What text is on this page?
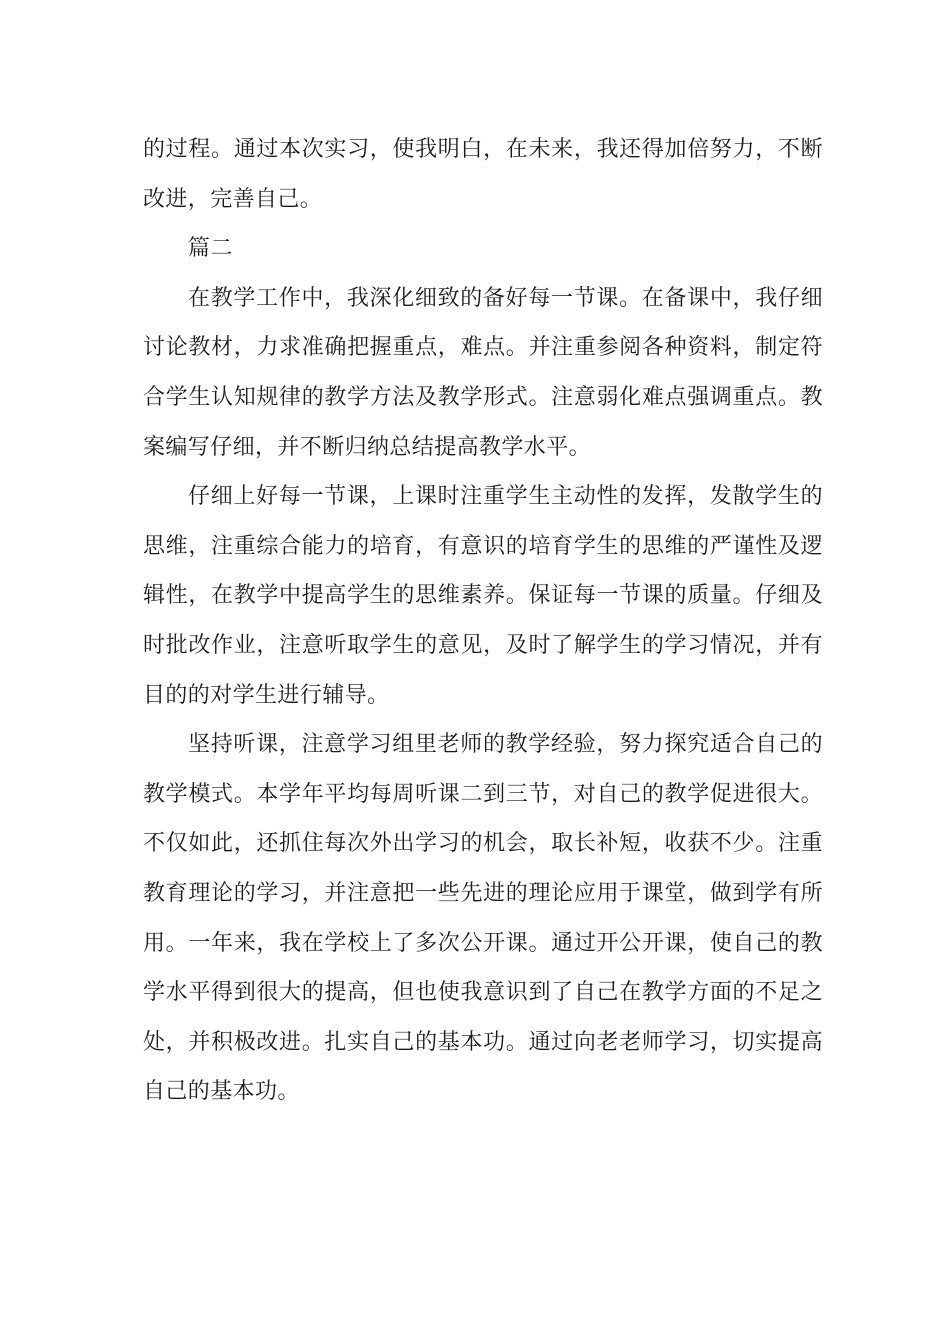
的过程。通过本次实习，使我明白，在未来，我还得加倍努力，不断改进，完善自己。

篇二

在教学工作中，我深化细致的备好每一节课。在备课中，我仔细讨论教材，力求准确把握重点，难点。并注重参阅各种资料，制定符合学生认知规律的教学方法及教学形式。注意弱化难点强调重点。教案编写仔细，并不断归纳总结提高教学水平。

仔细上好每一节课，上课时注重学生主动性的发挥，发散学生的思维，注重综合能力的培育，有意识的培育学生的思维的严谨性及逻辑性，在教学中提高学生的思维素养。保证每一节课的质量。仔细及时批改作业，注意听取学生的意见，及时了解学生的学习情况，并有目的的对学生进行辅导。

坚持听课，注意学习组里老师的教学经验，努力探究适合自己的教学模式。本学年平均每周听课二到三节，对自己的教学促进很大。不仅如此，还抓住每次外出学习的机会，取长补短，收获不少。注重教育理论的学习，并注意把一些先进的理论应用于课堂，做到学有所用。一年来，我在学校上了多次公开课。通过开公开课，使自己的教学水平得到很大的提高，但也使我意识到了自己在教学方面的不足之处，并积极改进。扎实自己的基本功。通过向老老师学习，切实提高自己的基本功。
